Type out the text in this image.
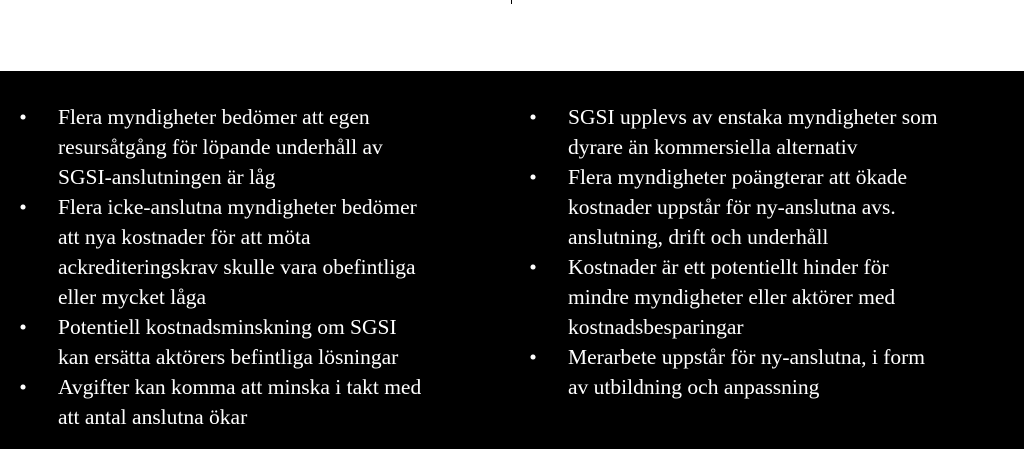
• Flera myndigheter bedömer att egen
resursåtgång för löpande underhåll av
SGSI-anslutningen är låg
• Flera icke-anslutna myndigheter bedömer
att nya kostnader för att möta
ackrediteringskrav skulle vara obefintliga
eller mycket låga
• Potentiell kostnadsminskning om SGSI
kan ersätta aktörers befintliga lösningar
• Avgifter kan komma att minska i takt med
att antal anslutna ökar
• SGSI upplevs av enstaka myndigheter som
dyrare än kommersiella alternativ
• Flera myndigheter poängterar att ökade
kostnader uppstår för ny-anslutna avs.
anslutning, drift och underhåll
• Kostnader är ett potentiellt hinder för
mindre myndigheter eller aktörer med
kostnadsbesparingar
• Merarbete uppstår för ny-anslutna, i form
av utbildning och anpassning
